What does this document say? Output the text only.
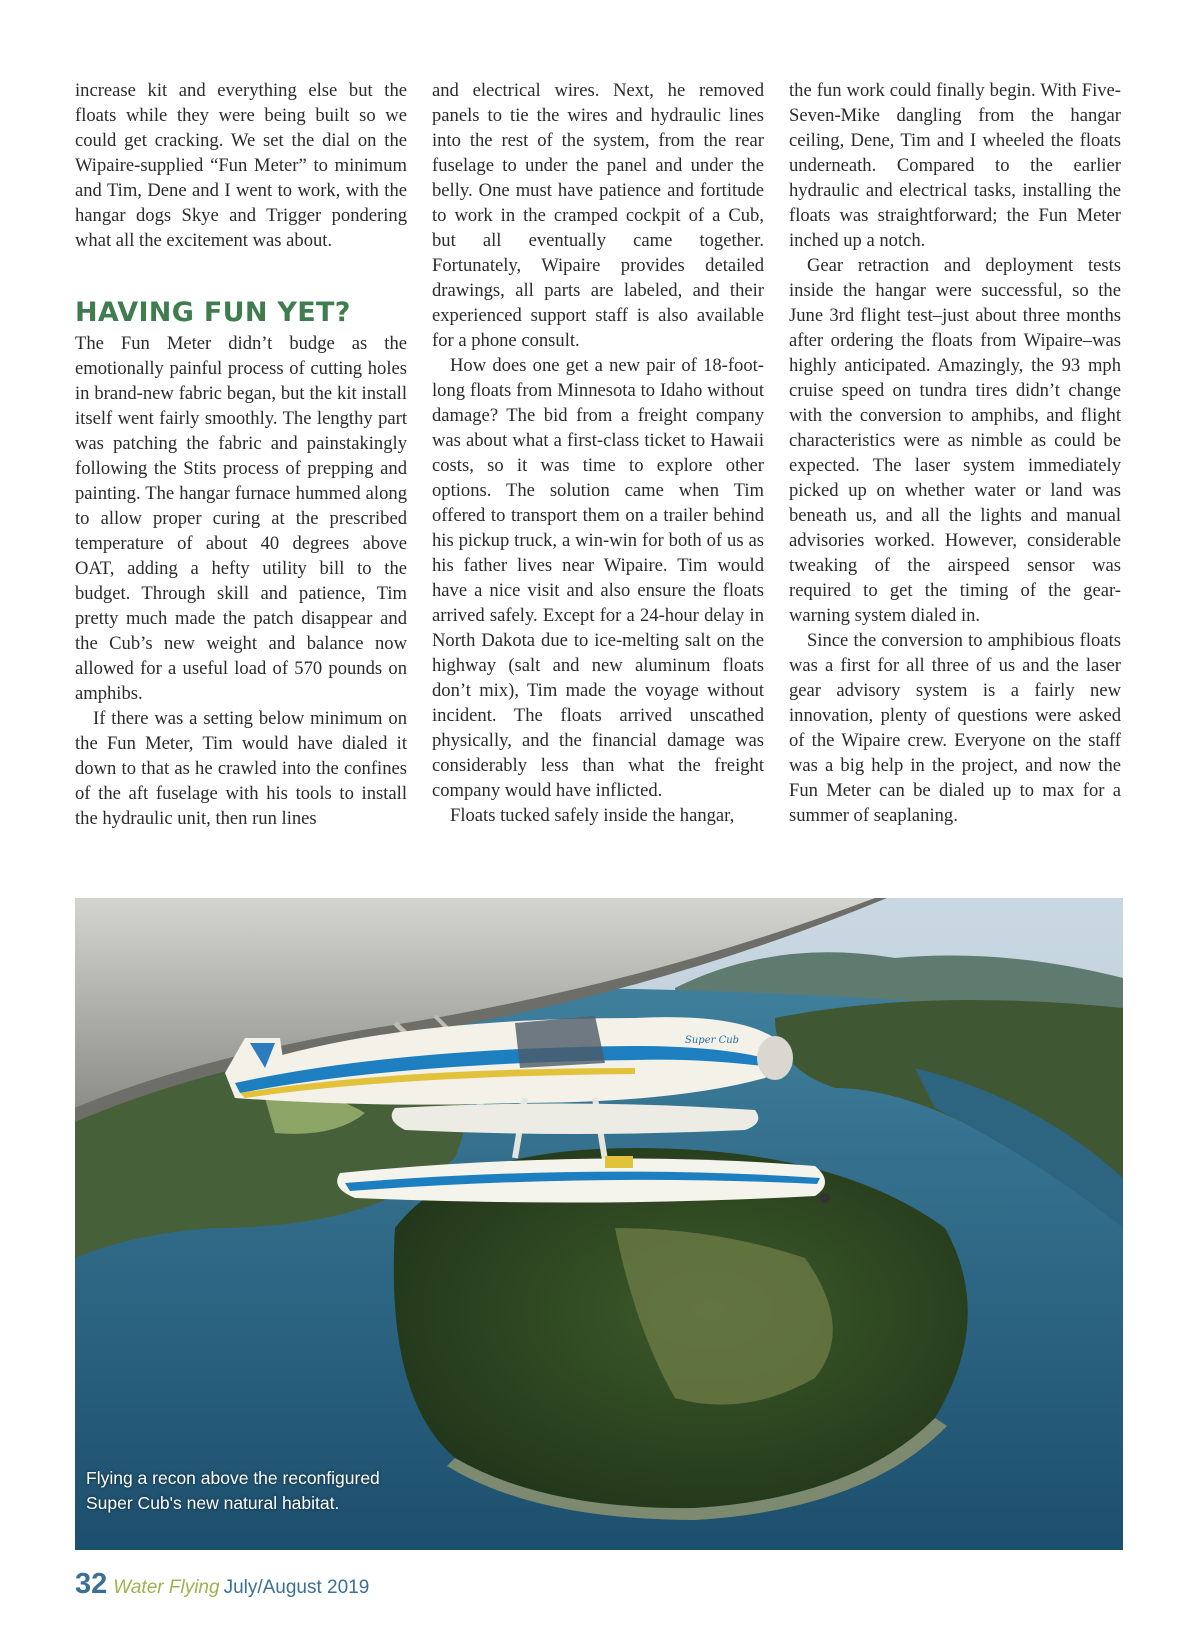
increase kit and everything else but the floats while they were being built so we could get cracking. We set the dial on the Wipaire-supplied “Fun Meter” to minimum and Tim, Dene and I went to work, with the hangar dogs Skye and Trigger pondering what all the excitement was about.

HAVING FUN YET?

The Fun Meter didn’t budge as the emotionally painful process of cutting holes in brand-new fabric began, but the kit install itself went fairly smoothly. The lengthy part was patching the fabric and painstakingly following the Stits process of prepping and painting. The hangar furnace hummed along to allow proper curing at the prescribed temperature of about 40 degrees above OAT, adding a hefty utility bill to the budget. Through skill and patience, Tim pretty much made the patch disappear and the Cub’s new weight and balance now allowed for a useful load of 570 pounds on amphibs.

If there was a setting below minimum on the Fun Meter, Tim would have dialed it down to that as he crawled into the confines of the aft fuselage with his tools to install the hydraulic unit, then run lines

and electrical wires. Next, he removed panels to tie the wires and hydraulic lines into the rest of the system, from the rear fuselage to under the panel and under the belly. One must have patience and fortitude to work in the cramped cockpit of a Cub, but all eventually came together. Fortunately, Wipaire provides detailed drawings, all parts are labeled, and their experienced support staff is also available for a phone consult.

How does one get a new pair of 18-foot-long floats from Minnesota to Idaho without damage? The bid from a freight company was about what a first-class ticket to Hawaii costs, so it was time to explore other options. The solution came when Tim offered to transport them on a trailer behind his pickup truck, a win-win for both of us as his father lives near Wipaire. Tim would have a nice visit and also ensure the floats arrived safely. Except for a 24-hour delay in North Dakota due to ice-melting salt on the highway (salt and new aluminum floats don’t mix), Tim made the voyage without incident. The floats arrived unscathed physically, and the financial damage was considerably less than what the freight company would have inflicted.

Floats tucked safely inside the hangar,

the fun work could finally begin. With Five-Seven-Mike dangling from the hangar ceiling, Dene, Tim and I wheeled the floats underneath. Compared to the earlier hydraulic and electrical tasks, installing the floats was straightforward; the Fun Meter inched up a notch.

Gear retraction and deployment tests inside the hangar were successful, so the June 3rd flight test–just about three months after ordering the floats from Wipaire–was highly anticipated. Amazingly, the 93 mph cruise speed on tundra tires didn’t change with the conversion to amphibs, and flight characteristics were as nimble as could be expected. The laser system immediately picked up on whether water or land was beneath us, and all the lights and manual advisories worked. However, considerable tweaking of the airspeed sensor was required to get the timing of the gear-warning system dialed in.

Since the conversion to amphibious floats was a first for all three of us and the laser gear advisory system is a fairly new innovation, plenty of questions were asked of the Wipaire crew. Everyone on the staff was a big help in the project, and now the Fun Meter can be dialed up to max for a summer of seaplaning.

Super Cub
Flying a recon above the reconfigured
Super Cub's new natural habitat.
32 Water Flying July/August 2019
